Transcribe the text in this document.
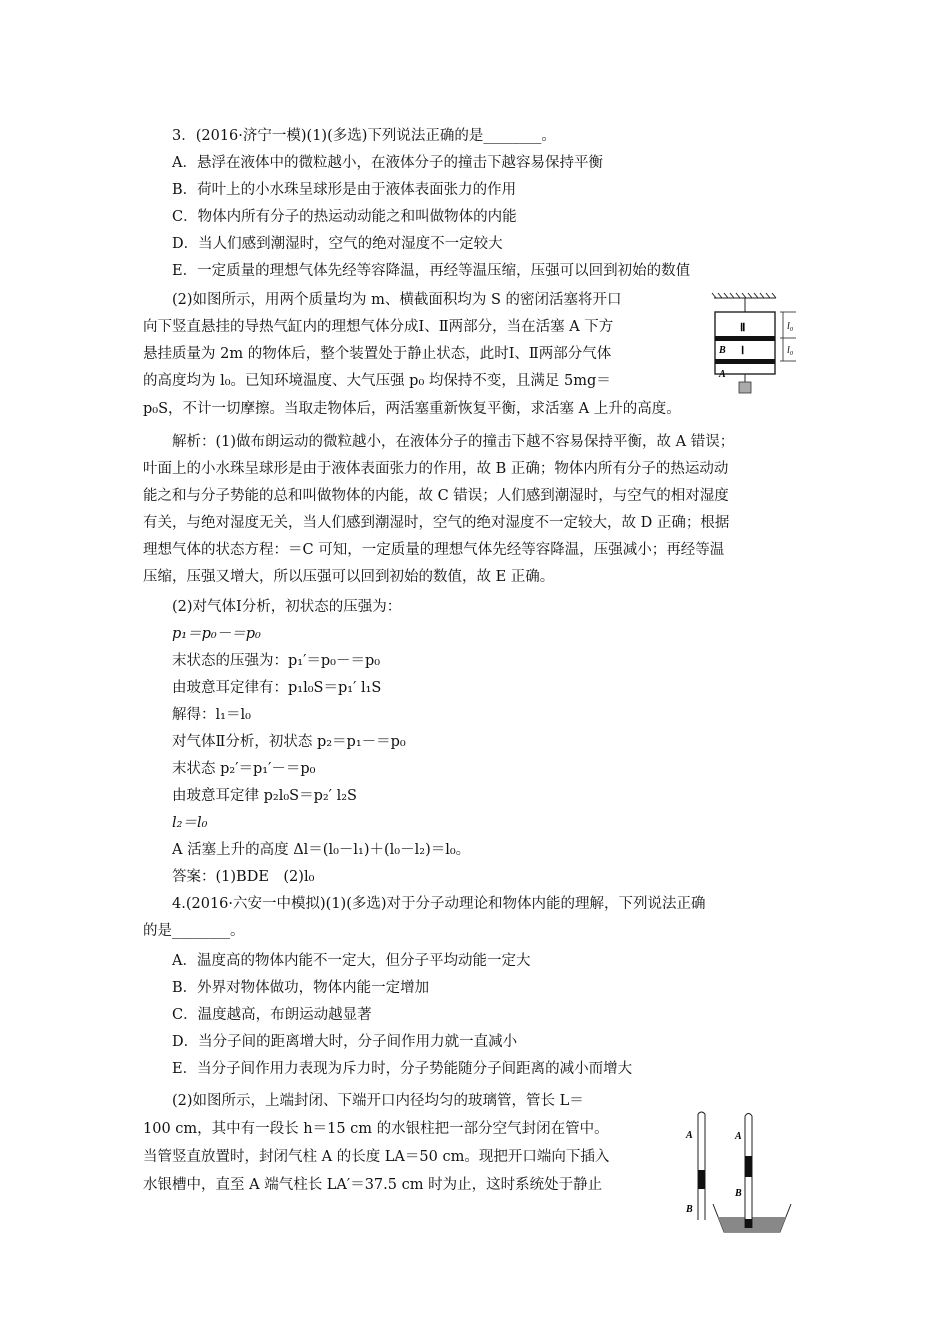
3．(2016·济宁一模)(1)(多选)下列说法正确的是________。
A．悬浮在液体中的微粒越小，在液体分子的撞击下越容易保持平衡
B．荷叶上的小水珠呈球形是由于液体表面张力的作用
C．物体内所有分子的热运动动能之和叫做物体的内能
D．当人们感到潮湿时，空气的绝对湿度不一定较大
E．一定质量的理想气体先经等容降温，再经等温压缩，压强可以回到初始的数值
(2)如图所示，用两个质量均为 m、横截面积均为 S 的密闭活塞将开口
向下竖直悬挂的导热气缸内的理想气体分成Ⅰ、Ⅱ两部分，当在活塞 A 下方
悬挂质量为 2m 的物体后，整个装置处于静止状态，此时Ⅰ、Ⅱ两部分气体
的高度均为 l₀。已知环境温度、大气压强 p₀ 均保持不变，且满足 5mg＝
p₀S，不计一切摩擦。当取走物体后，两活塞重新恢复平衡，求活塞 A 上升的高度。
Ⅱ
Ⅰ
B
A
l₀
l₀
解析：(1)做布朗运动的微粒越小，在液体分子的撞击下越不容易保持平衡，故 A 错误；
叶面上的小水珠呈球形是由于液体表面张力的作用，故 B 正确；物体内所有分子的热运动动
能之和与分子势能的总和叫做物体的内能，故 C 错误；人们感到潮湿时，与空气的相对湿度
有关，与绝对湿度无关，当人们感到潮湿时，空气的绝对湿度不一定较大，故 D 正确；根据
理想气体的状态方程：＝C 可知，一定质量的理想气体先经等容降温，压强减小；再经等温
压缩，压强又增大，所以压强可以回到初始的数值，故 E 正确。
(2)对气体Ⅰ分析，初状态的压强为：
p₁＝p₀－＝p₀
末状态的压强为：p₁′＝p₀－＝p₀
由玻意耳定律有：p₁l₀S＝p₁′ l₁S
解得：l₁＝l₀
对气体Ⅱ分析，初状态 p₂＝p₁－＝p₀
末状态 p₂′＝p₁′－＝p₀
由玻意耳定律 p₂l₀S＝p₂′ l₂S
l₂＝l₀
A 活塞上升的高度 Δl＝(l₀－l₁)＋(l₀－l₂)＝l₀。
答案：(1)BDE　(2)l₀
4.(2016·六安一中模拟)(1)(多选)对于分子动理论和物体内能的理解，下列说法正确
的是________。
A．温度高的物体内能不一定大，但分子平均动能一定大
B．外界对物体做功，物体内能一定增加
C．温度越高，布朗运动越显著
D．当分子间的距离增大时，分子间作用力就一直减小
E．当分子间作用力表现为斥力时，分子势能随分子间距离的减小而增大
(2)如图所示，上端封闭、下端开口内径均匀的玻璃管，管长 L＝
100 cm，其中有一段长 h＝15 cm 的水银柱把一部分空气封闭在管中。
当管竖直放置时，封闭气柱 A 的长度 LA＝50 cm。现把开口端向下插入
水银槽中，直至 A 端气柱长 LA′＝37.5 cm 时为止，这时系统处于静止
A
B
A
B
